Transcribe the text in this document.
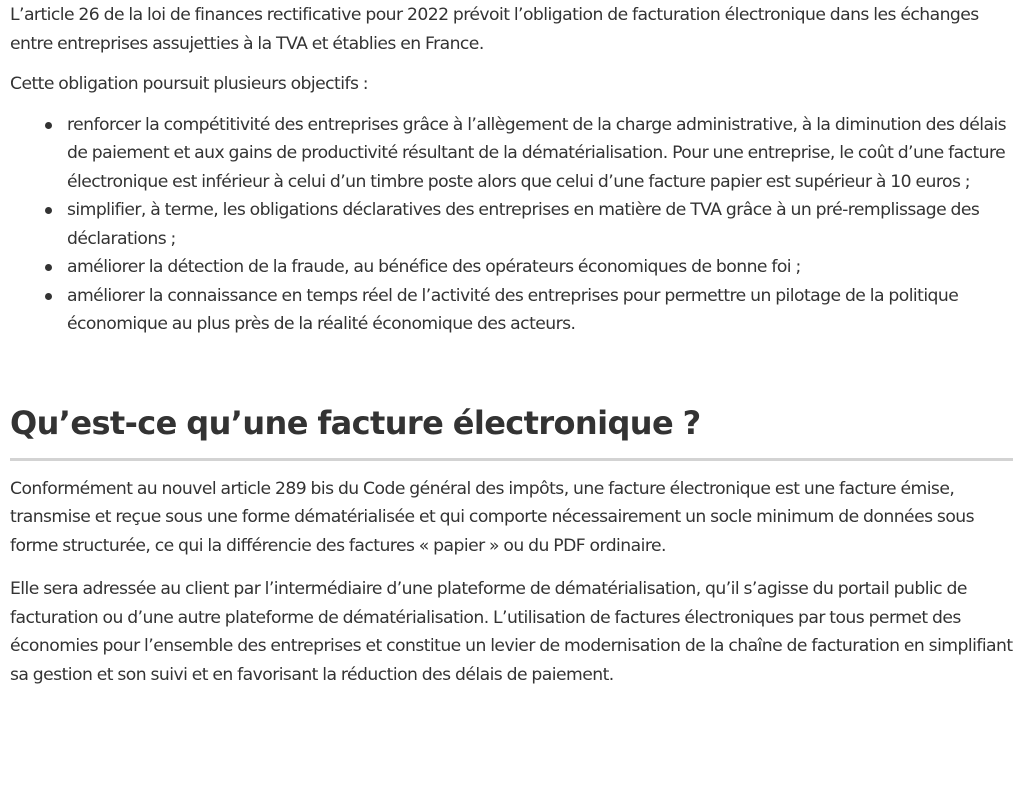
L’article 26 de la loi de finances rectificative pour 2022 prévoit l’obligation de facturation électronique dans les échanges entre entreprises assujetties à la TVA et établies en France.

Cette obligation poursuit plusieurs objectifs :

renforcer la compétitivité des entreprises grâce à l’allègement de la charge administrative, à la diminution des délais de paiement et aux gains de productivité résultant de la dématérialisation. Pour une entreprise, le coût d’une facture électronique est inférieur à celui d’un timbre poste alors que celui d’une facture papier est supérieur à 10 euros ;
simplifier, à terme, les obligations déclaratives des entreprises en matière de TVA grâce à un pré-remplissage des déclarations ;
améliorer la détection de la fraude, au bénéfice des opérateurs économiques de bonne foi ;
améliorer la connaissance en temps réel de l’activité des entreprises pour permettre un pilotage de la politique économique au plus près de la réalité économique des acteurs.
Qu’est-ce qu’une facture électronique ?

Conformément au nouvel article 289 bis du Code général des impôts, une facture électronique est une facture émise, transmise et reçue sous une forme dématérialisée et qui comporte nécessairement un socle minimum de données sous forme structurée, ce qui la différencie des factures « papier » ou du PDF ordinaire.

Elle sera adressée au client par l’intermédiaire d’une plateforme de dématérialisation, qu’il s’agisse du portail public de facturation ou d’une autre plateforme de dématérialisation. L’utilisation de factures électroniques par tous permet des économies pour l’ensemble des entreprises et constitue un levier de modernisation de la chaîne de facturation en simplifiant sa gestion et son suivi et en favorisant la réduction des délais de paiement.
